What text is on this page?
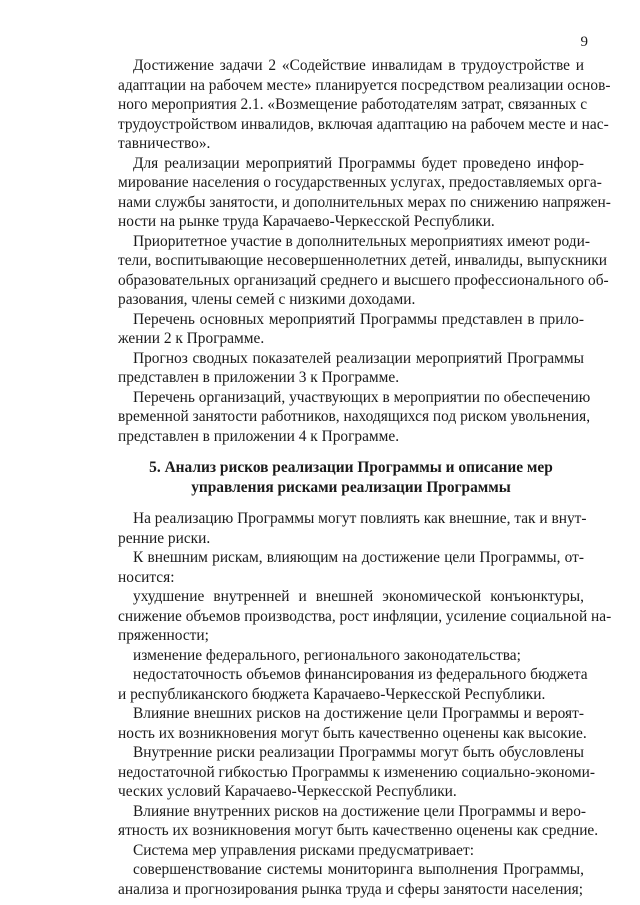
9
Достижение задачи 2 «Содействие инвалидам в трудоустройстве и
адаптации на рабочем месте» планируется посредством реализации основ-
ного мероприятия 2.1. «Возмещение работодателям затрат, связанных с
трудоустройством инвалидов, включая адаптацию на рабочем месте и нас-
тавничество».
Для реализации мероприятий Программы будет проведено инфор-
мирование населения о государственных услугах, предоставляемых орга-
нами службы занятости, и дополнительных мерах по снижению напряжен-
ности на рынке труда Карачаево-Черкесской Республики.
Приоритетное участие в дополнительных мероприятиях имеют роди-
тели, воспитывающие несовершеннолетних детей, инвалиды, выпускники
образовательных организаций среднего и высшего профессионального об-
разования, члены семей с низкими доходами.
Перечень основных мероприятий Программы представлен в прило-
жении 2 к Программе.
Прогноз сводных показателей реализации мероприятий Программы
представлен в приложении 3 к Программе.
Перечень организаций, участвующих в мероприятии по обеспечению
временной занятости работников, находящихся под риском увольнения,
представлен в приложении 4 к Программе.
5. Анализ рисков реализации Программы и описание мер
управления рисками реализации Программы
На реализацию Программы могут повлиять как внешние, так и внут-
ренние риски.
К внешним рискам, влияющим на достижение цели Программы, от-
носится:
ухудшение внутренней и внешней экономической конъюнктуры,
снижение объемов производства, рост инфляции, усиление социальной на-
пряженности;
изменение федерального, регионального законодательства;
недостаточность объемов финансирования из федерального бюджета
и республиканского бюджета Карачаево-Черкесской Республики.
Влияние внешних рисков на достижение цели Программы и вероят-
ность их возникновения могут быть качественно оценены как высокие.
Внутренние риски реализации Программы могут быть обусловлены
недостаточной гибкостью Программы к изменению социально-экономи-
ческих условий Карачаево-Черкесской Республики.
Влияние внутренних рисков на достижение цели Программы и веро-
ятность их возникновения могут быть качественно оценены как средние.
Система мер управления рисками предусматривает:
совершенствование системы мониторинга выполнения Программы,
анализа и прогнозирования рынка труда и сферы занятости населения;
